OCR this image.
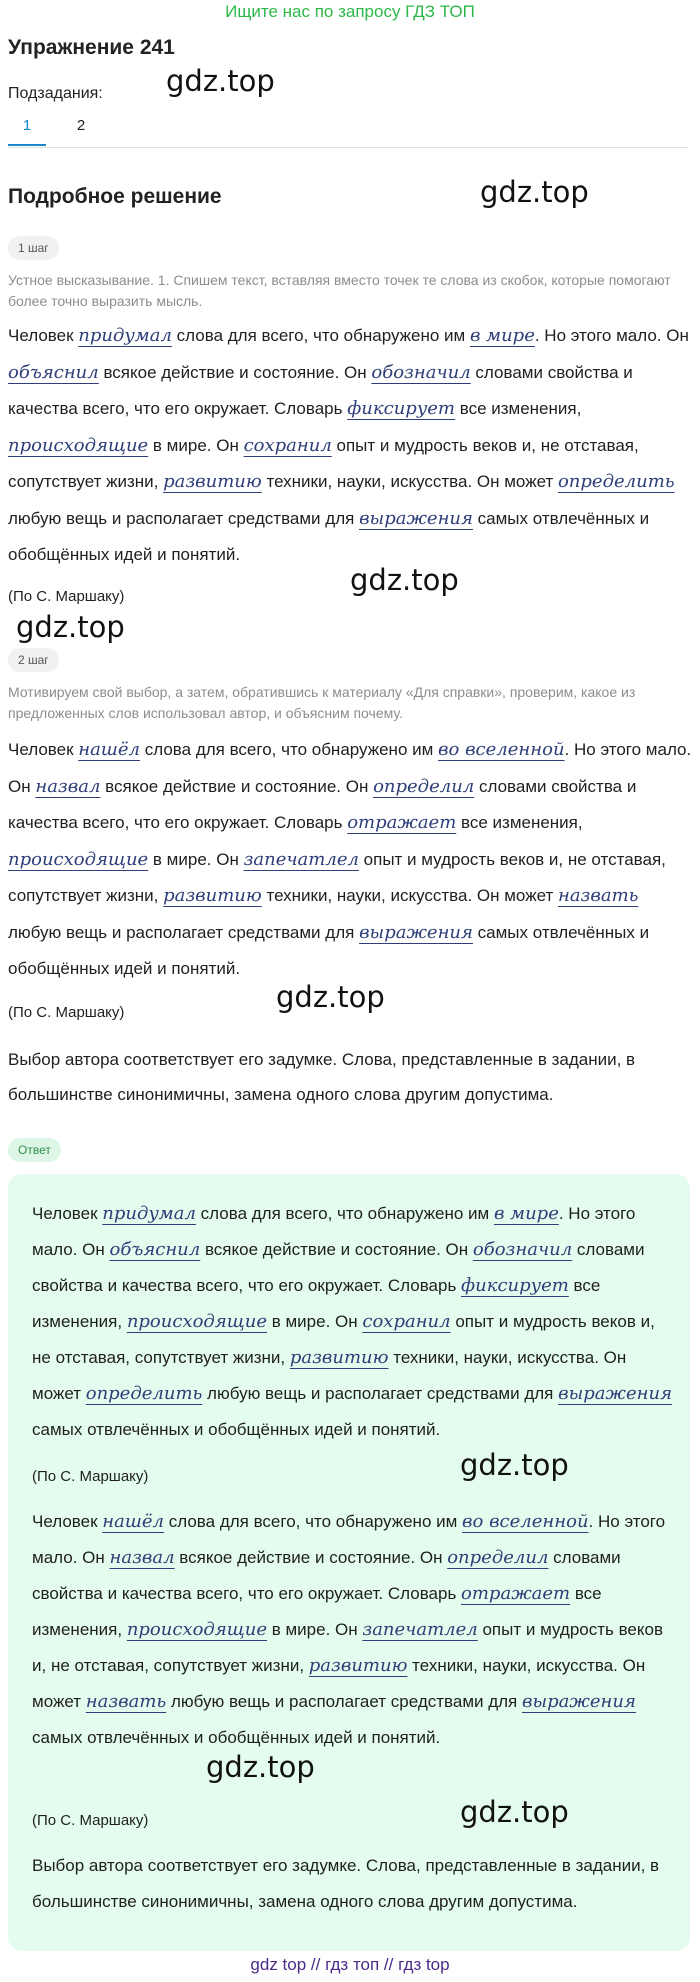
Ищите нас по запросу ГДЗ ТОП
Упражнение 241
Подзадания: gdz.top
1	2
Подробное решение	gdz.top
1 шаг
Устное высказывание. 1. Спишем текст, вставляя вместо точек те слова из скобок, которые помогают более точно выразить мысль.
Человек придумал слова для всего, что обнаружено им в мире. Но этого мало. Он объяснил всякое действие и состояние. Он обозначил словами свойства и качества всего, что его окружает. Словарь фиксирует все изменения, происходящие в мире. Он сохранил опыт и мудрость веков и, не отставая, сопутствует жизни, развитию техники, науки, искусства. Он может определить любую вещь и располагает средствами для выражения самых отвлечённых и обобщённых идей и понятий.
(По С. Маршаку)	gdz.top
gdz.top
2 шаг
Мотивируем свой выбор, а затем, обратившись к материалу «Для справки», проверим, какое из предложенных слов использовал автор, и объясним почему.
Человек нашёл слова для всего, что обнаружено им во вселенной. Но этого мало. Он назвал всякое действие и состояние. Он определил словами свойства и качества всего, что его окружает. Словарь отражает все изменения, происходящие в мире. Он запечатлел опыт и мудрость веков и, не отставая, сопутствует жизни, развитию техники, науки, искусства. Он может назвать любую вещь и располагает средствами для выражения самых отвлечённых и обобщённых идей и понятий.
(По С. Маршаку)	gdz.top
Выбор автора соответствует его задумке. Слова, представленные в задании, в большинстве синонимичны, замена одного слова другим допустима.
Ответ
Человек придумал слова для всего, что обнаружено им в мире. Но этого мало. Он объяснил всякое действие и состояние. Он обозначил словами свойства и качества всего, что его окружает. Словарь фиксирует все изменения, происходящие в мире. Он сохранил опыт и мудрость веков и, не отставая, сопутствует жизни, развитию техники, науки, искусства. Он может определить любую вещь и располагает средствами для выражения самых отвлечённых и обобщённых идей и понятий.
(По С. Маршаку)	gdz.top
Человек нашёл слова для всего, что обнаружено им во вселенной. Но этого мало. Он назвал всякое действие и состояние. Он определил словами свойства и качества всего, что его окружает. Словарь отражает все изменения, происходящие в мире. Он запечатлел опыт и мудрость веков и, не отставая, сопутствует жизни, развитию техники, науки, искусства. Он может назвать любую вещь и располагает средствами для выражения самых отвлечённых и обобщённых идей и понятий.
gdz.top
(По С. Маршаку)	gdz.top
Выбор автора соответствует его задумке. Слова, представленные в задании, в большинстве синонимичны, замена одного слова другим допустима.
gdz top // гдз топ // гдз top
